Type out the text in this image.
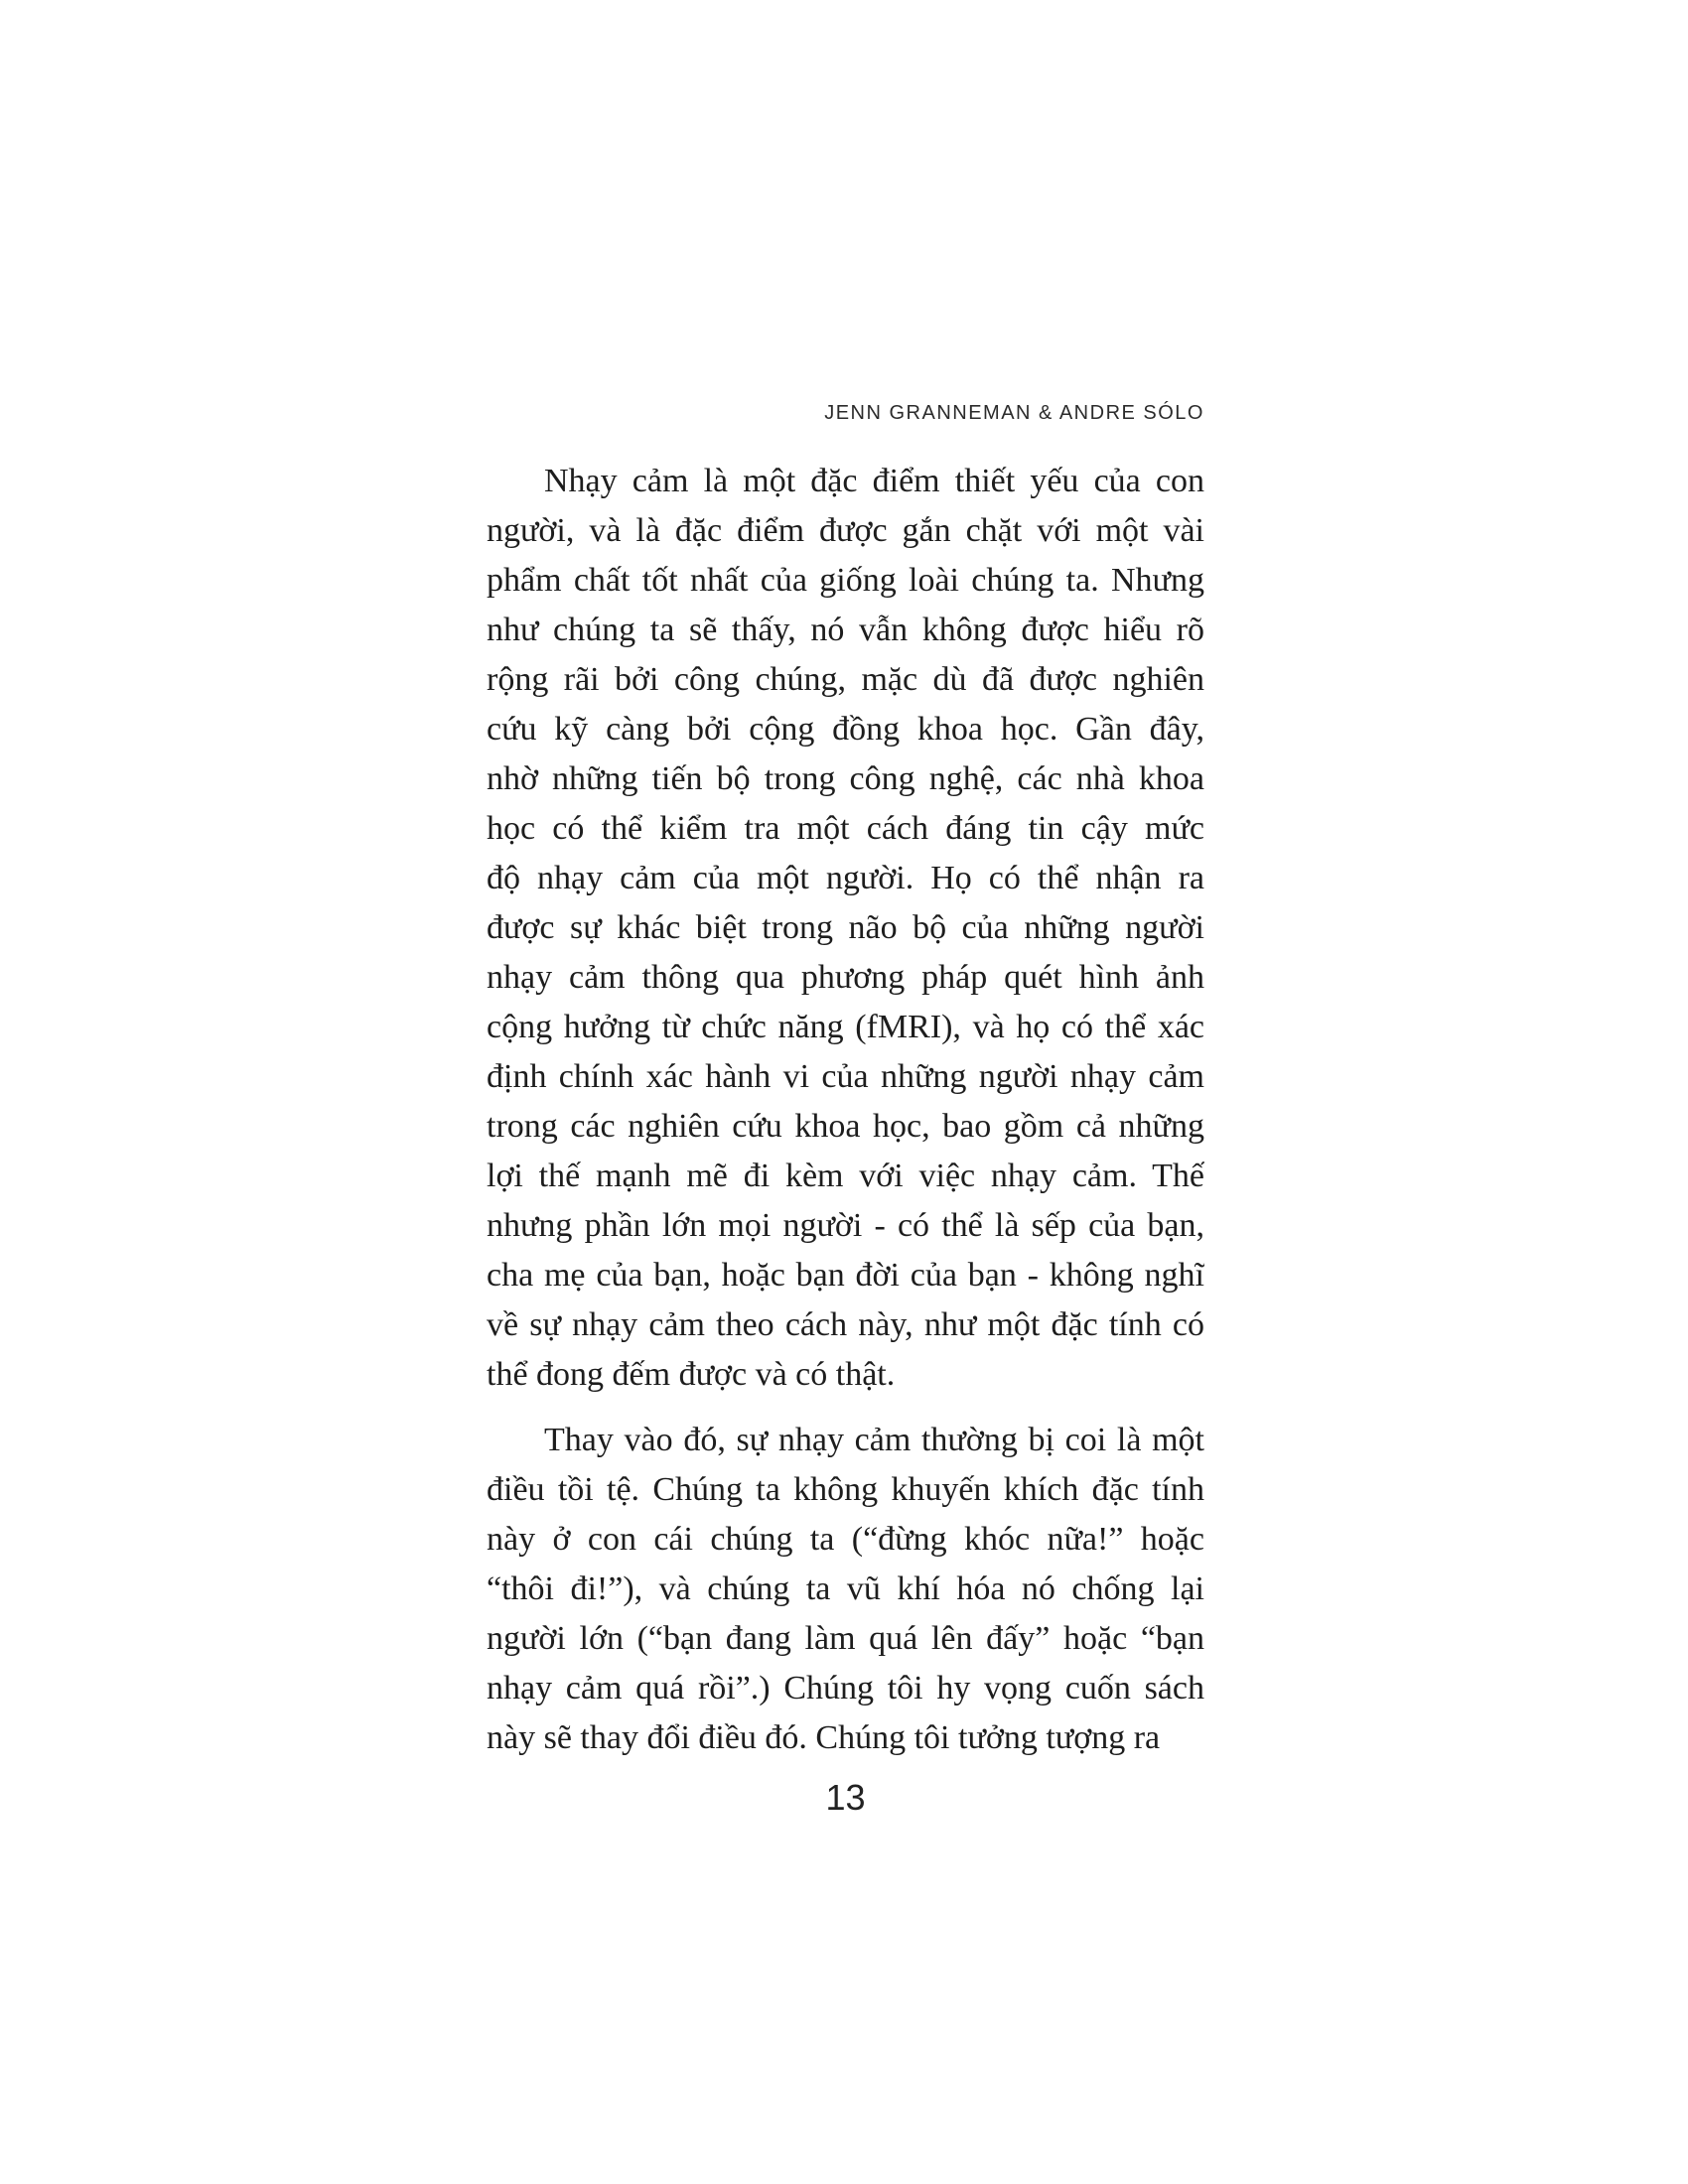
JENN GRANNEMAN & ANDRE SÓLO
Nhạy cảm là một đặc điểm thiết yếu của con
người, và là đặc điểm được gắn chặt với một vài
phẩm chất tốt nhất của giống loài chúng ta. Nhưng
như chúng ta sẽ thấy, nó vẫn không được hiểu rõ
rộng rãi bởi công chúng, mặc dù đã được nghiên
cứu kỹ càng bởi cộng đồng khoa học. Gần đây,
nhờ những tiến bộ trong công nghệ, các nhà khoa
học có thể kiểm tra một cách đáng tin cậy mức
độ nhạy cảm của một người. Họ có thể nhận ra
được sự khác biệt trong não bộ của những người
nhạy cảm thông qua phương pháp quét hình ảnh
cộng hưởng từ chức năng (fMRI), và họ có thể xác
định chính xác hành vi của những người nhạy cảm
trong các nghiên cứu khoa học, bao gồm cả những
lợi thế mạnh mẽ đi kèm với việc nhạy cảm. Thế
nhưng phần lớn mọi người - có thể là sếp của bạn,
cha mẹ của bạn, hoặc bạn đời của bạn - không nghĩ
về sự nhạy cảm theo cách này, như một đặc tính có
thể đong đếm được và có thật.
Thay vào đó, sự nhạy cảm thường bị coi là một
điều tồi tệ. Chúng ta không khuyến khích đặc tính
này ở con cái chúng ta (“đừng khóc nữa!” hoặc
“thôi đi!”), và chúng ta vũ khí hóa nó chống lại
người lớn (“bạn đang làm quá lên đấy” hoặc “bạn
nhạy cảm quá rồi”.) Chúng tôi hy vọng cuốn sách
này sẽ thay đổi điều đó. Chúng tôi tưởng tượng ra
13
